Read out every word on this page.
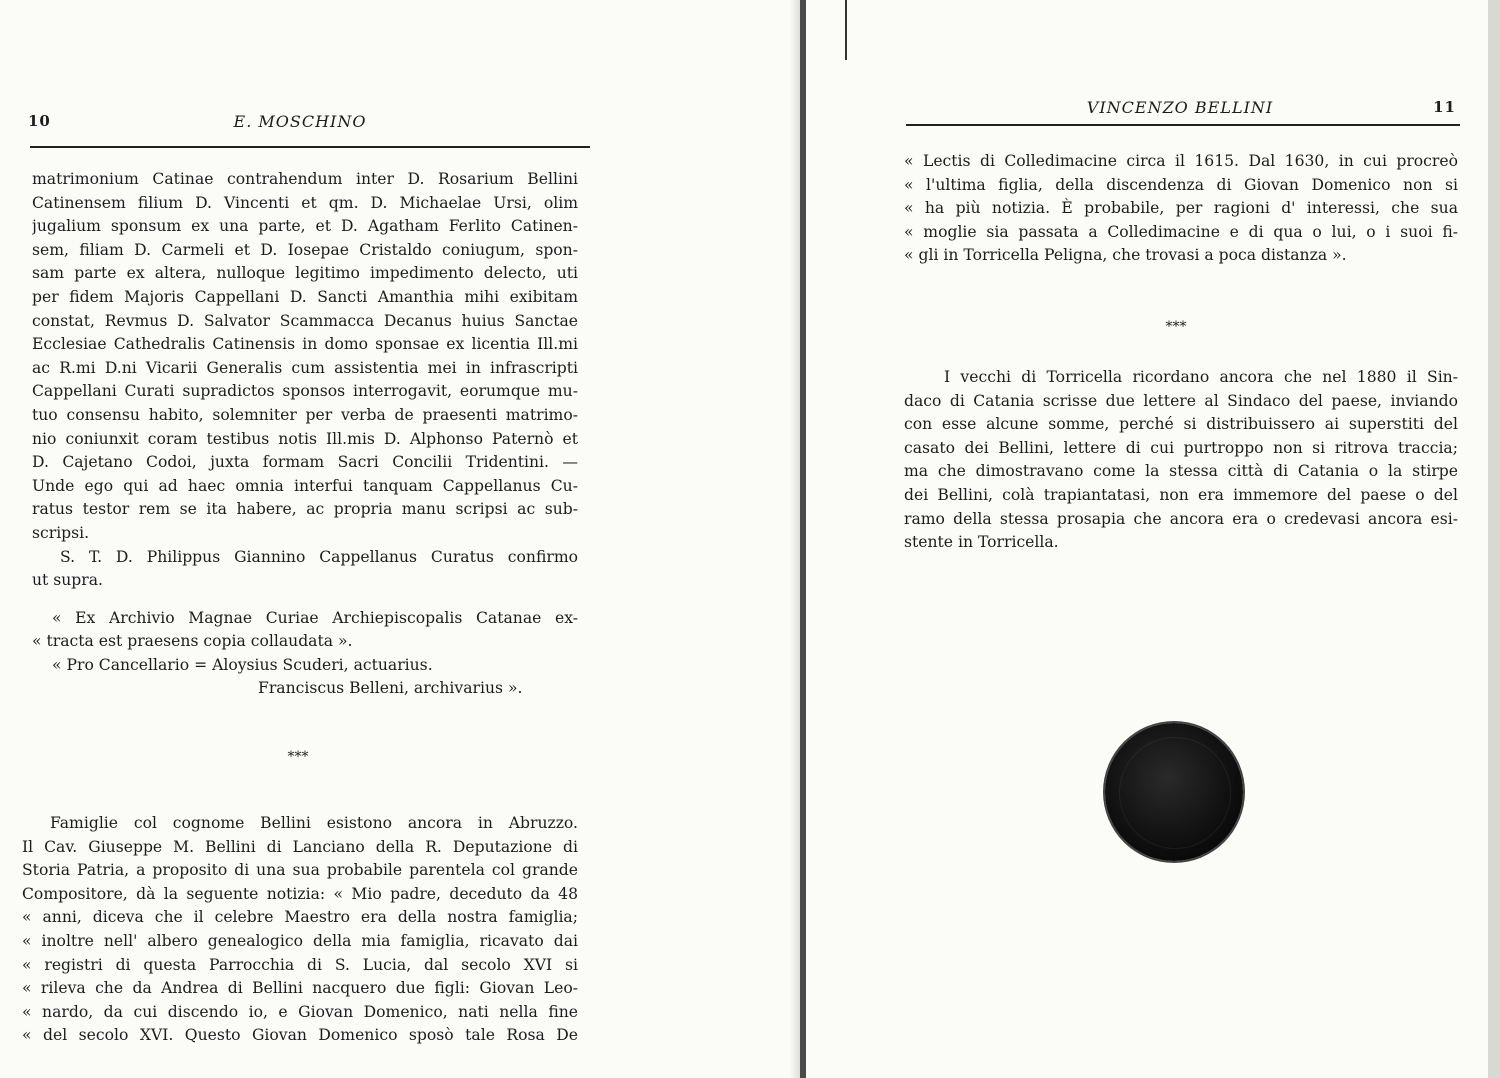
10	E. MOSCHINO
matrimonium Catinae contrahendum inter D. Rosarium Bellini
Catinensem filium D. Vincenti et qm. D. Michaelae Ursi, olim
jugalium sponsum ex una parte, et D. Agatham Ferlito Catinen-
sem, filiam D. Carmeli et D. Iosepae Cristaldo coniugum, spon-
sam parte ex altera, nulloque legitimo impedimento delecto, uti
per fidem Majoris Cappellani D. Sancti Amanthia mihi exibitam
constat, Revmus D. Salvator Scammacca Decanus huius Sanctae
Ecclesiae Cathedralis Catinensis in domo sponsae ex licentia Ill.mi
ac R.mi D.ni Vicarii Generalis cum assistentia mei in infrascripti
Cappellani Curati supradictos sponsos interrogavit, eorumque mu-
tuo consensu habito, solemniter per verba de praesenti matrimo-
nio coniunxit coram testibus notis Ill.mis D. Alphonso Paternò et
D. Cajetano Codoi, juxta formam Sacri Concilii Tridentini. —
Unde ego qui ad haec omnia interfui tanquam Cappellanus Cu-
ratus testor rem se ita habere, ac propria manu scripsi ac sub-
scripsi.
S. T. D. Philippus Giannino Cappellanus Curatus confirmo
ut supra.
« Ex Archivio Magnae Curiae Archiepiscopalis Catanae ex-
« tracta est praesens copia collaudata ».
« Pro Cancellario = Aloysius Scuderi, actuarius.
Franciscus Belleni, archivarius ».
***
Famiglie col cognome Bellini esistono ancora in Abruzzo.
Il Cav. Giuseppe M. Bellini di Lanciano della R. Deputazione di
Storia Patria, a proposito di una sua probabile parentela col grande
Compositore, dà la seguente notizia: « Mio padre, deceduto da 48
« anni, diceva che il celebre Maestro era della nostra famiglia;
« inoltre nell' albero genealogico della mia famiglia, ricavato dai
« registri di questa Parrocchia di S. Lucia, dal secolo XVI si
« rileva che da Andrea di Bellini nacquero due figli: Giovan Leo-
« nardo, da cui discendo io, e Giovan Domenico, nati nella fine
« del secolo XVI. Questo Giovan Domenico sposò tale Rosa De
VINCENZO BELLINI	11
« Lectis di Colledimacine circa il 1615. Dal 1630, in cui procreò
« l'ultima figlia, della discendenza di Giovan Domenico non si
« ha più notizia. È probabile, per ragioni d' interessi, che sua
« moglie sia passata a Colledimacine e di qua o lui, o i suoi fi-
« gli in Torricella Peligna, che trovasi a poca distanza ».
***
I vecchi di Torricella ricordano ancora che nel 1880 il Sin-
daco di Catania scrisse due lettere al Sindaco del paese, inviando
con esse alcune somme, perché si distribuissero ai superstiti del
casato dei Bellini, lettere di cui purtroppo non si ritrova traccia;
ma che dimostravano come la stessa città di Catania o la stirpe
dei Bellini, colà trapiantatasi, non era immemore del paese o del
ramo della stessa prosapia che ancora era o credevasi ancora esi-
stente in Torricella.
